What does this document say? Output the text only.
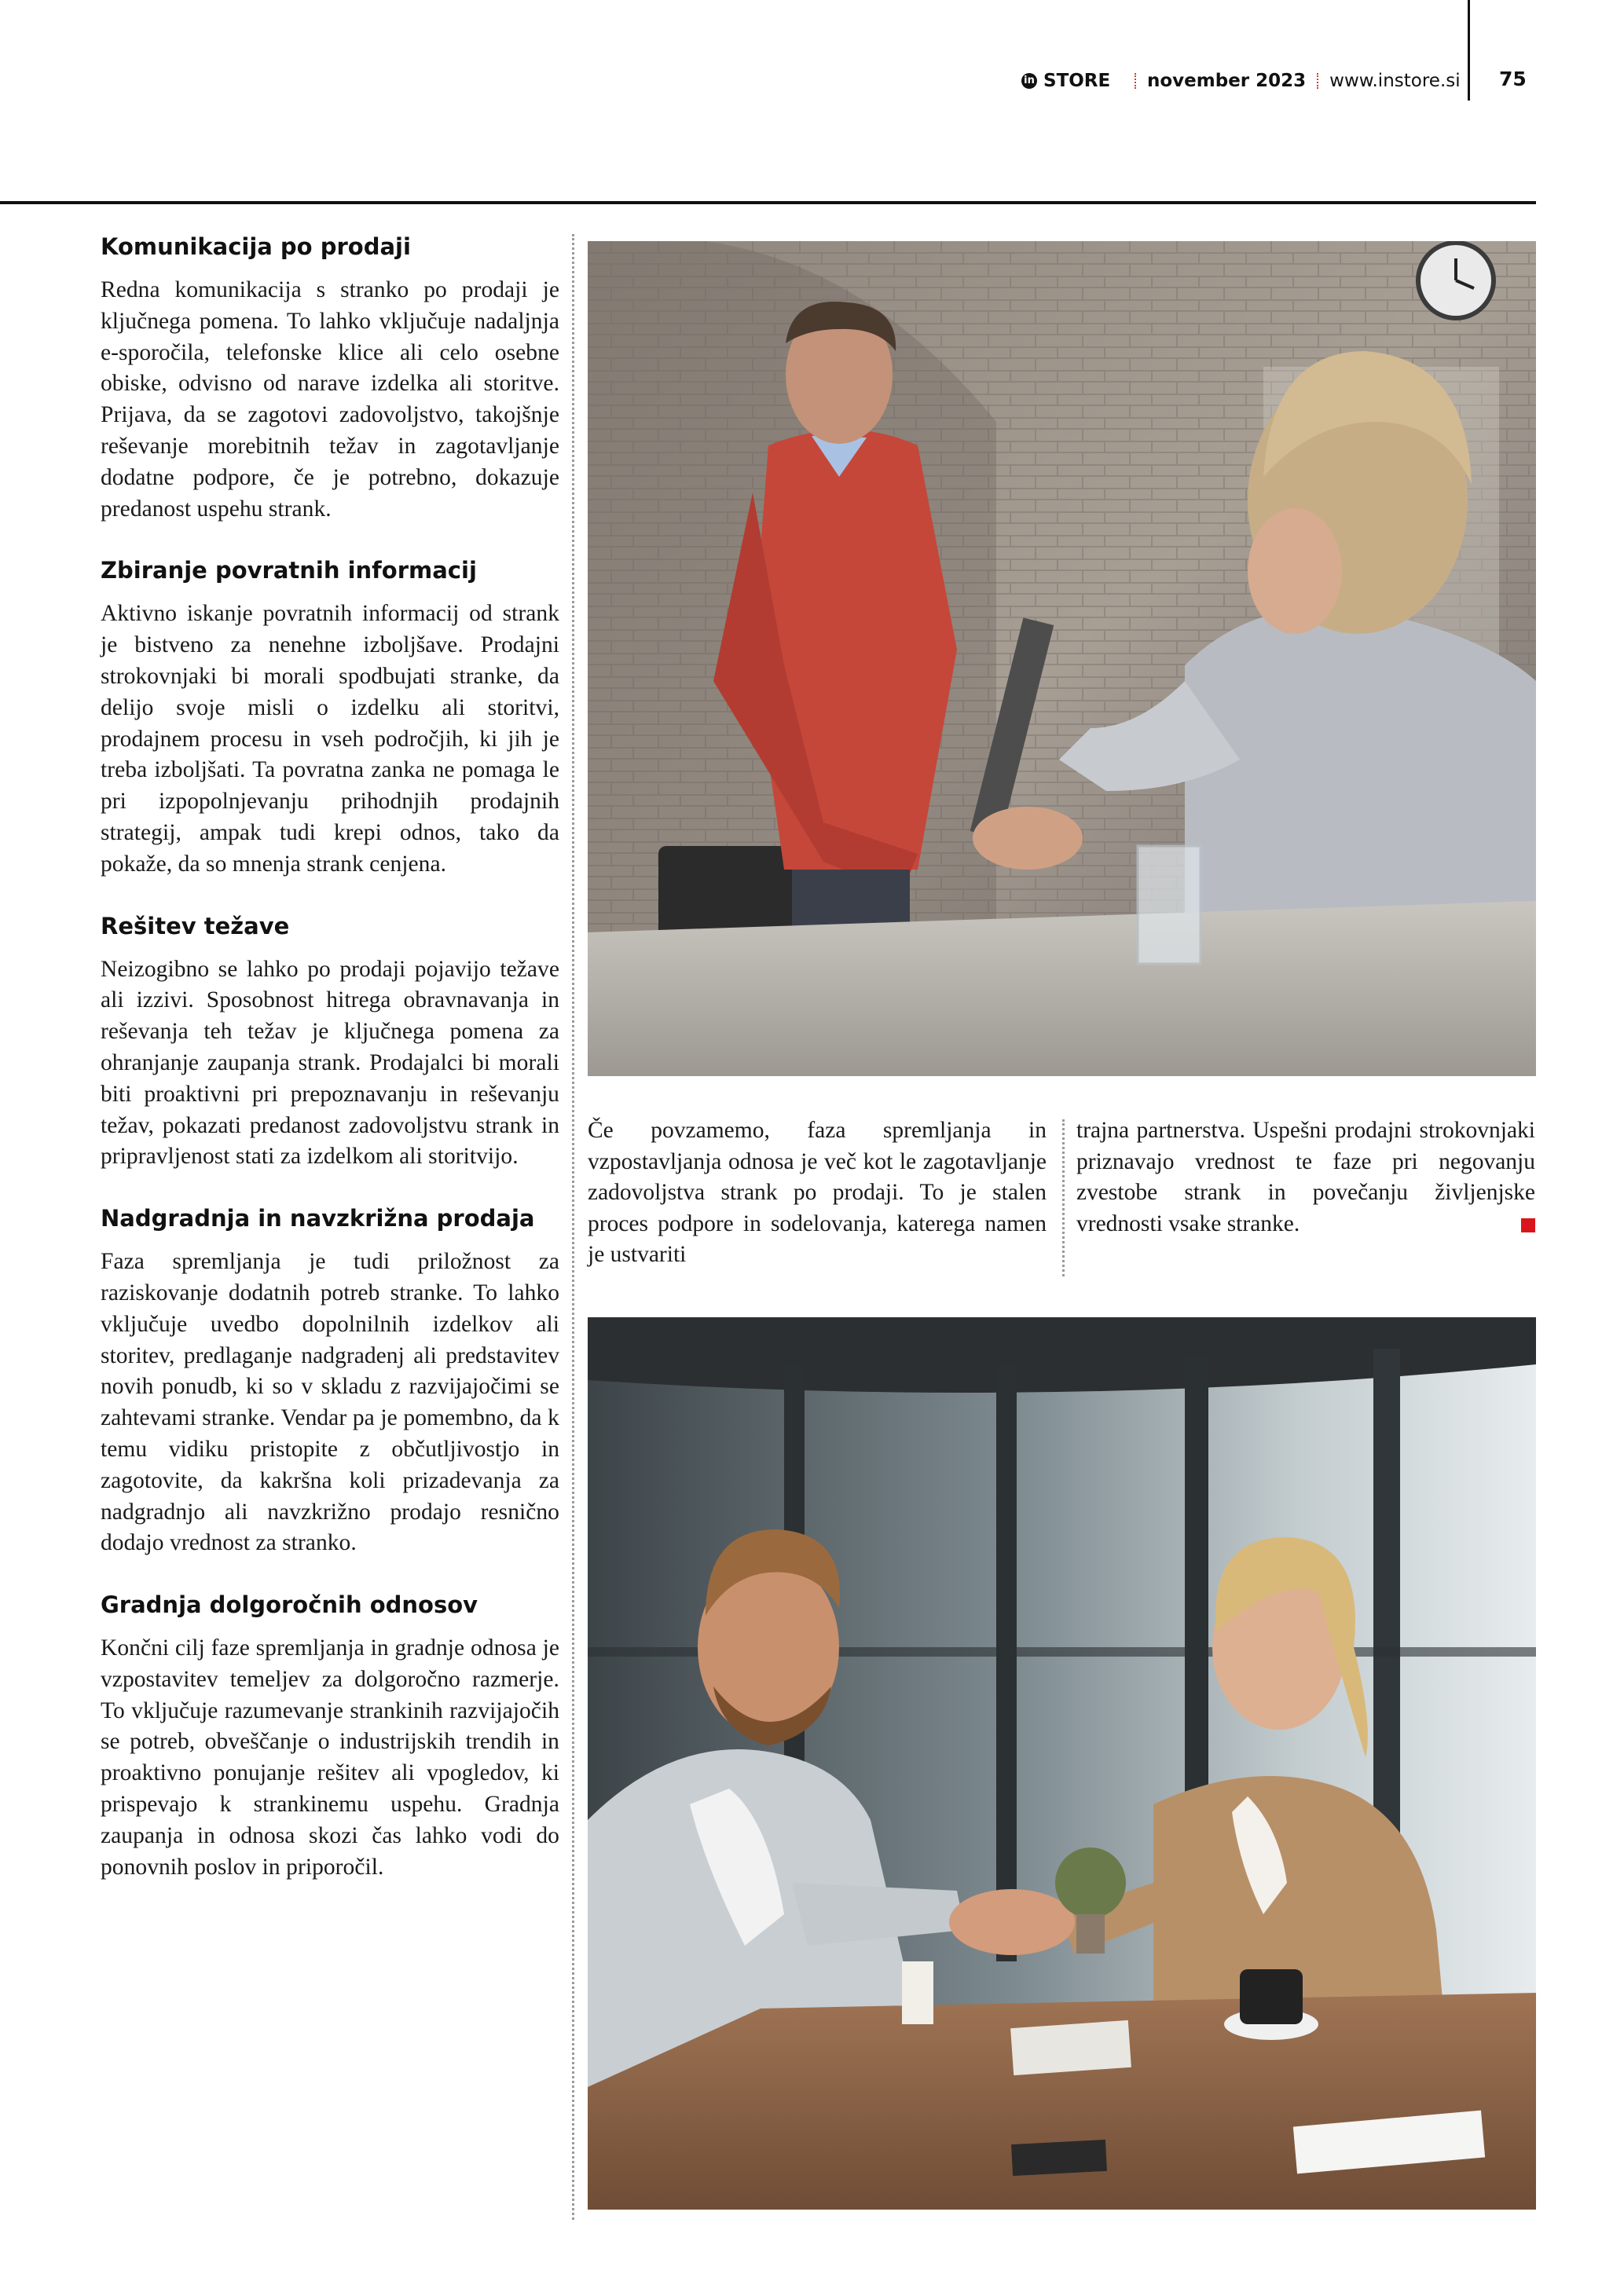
in STORE november 2023 www.instore.si 75
Komunikacija po prodaji

Redna komunikacija s stranko po prodaji je ključnega pomena. To lahko vključuje nadaljnja e-sporočila, telefonske klice ali celo osebne obiske, odvisno od narave izdelka ali storitve. Prijava, da se zagotovi zadovoljstvo, takojšnje reševanje morebitnih težav in zagotavljanje dodatne podpore, če je potrebno, dokazuje predanost uspehu strank.

Zbiranje povratnih informacij

Aktivno iskanje povratnih informacij od strank je bistveno za nenehne izboljšave. Prodajni strokovnjaki bi morali spodbujati stranke, da delijo svoje misli o izdelku ali storitvi, prodajnem procesu in vseh področjih, ki jih je treba izboljšati. Ta povratna zanka ne pomaga le pri izpopolnjevanju prihodnjih prodajnih strategij, ampak tudi krepi odnos, tako da pokaže, da so mnenja strank cenjena.

Rešitev težave

Neizogibno se lahko po prodaji pojavijo težave ali izzivi. Sposobnost hitrega obravnavanja in reševanja teh težav je ključnega pomena za ohranjanje zaupanja strank. Prodajalci bi morali biti proaktivni pri prepoznavanju in reševanju težav, pokazati predanost zadovoljstvu strank in pripravljenost stati za izdelkom ali storitvijo.

Nadgradnja in navzkrižna prodaja

Faza spremljanja je tudi priložnost za raziskovanje dodatnih potreb stranke. To lahko vključuje uvedbo dopolnilnih izdelkov ali storitev, predlaganje nadgradenj ali predstavitev novih ponudb, ki so v skladu z razvijajočimi se zahtevami stranke. Vendar pa je pomembno, da k temu vidiku pristopite z občutljivostjo in zagotovite, da kakršna koli prizadevanja za nadgradnjo ali navzkrižno prodajo resnično dodajo vrednost za stranko.

Gradnja dolgoročnih odnosov

Končni cilj faze spremljanja in gradnje odnosa je vzpostavitev temeljev za dolgoročno razmerje. To vključuje razumevanje strankinih razvijajočih se potreb, obveščanje o industrijskih trendih in proaktivno ponujanje rešitev ali vpogledov, ki prispevajo k strankinemu uspehu. Gradnja zaupanja in odnosa skozi čas lahko vodi do ponovnih poslov in priporočil.

Če povzamemo, faza spremljanja in vzpostavljanja odnosa je več kot le zagotavljanje zadovoljstva strank po prodaji. To je stalen proces podpore in sodelovanja, katerega namen je ustvariti

trajna partnerstva. Uspešni prodajni strokovnjaki priznavajo vrednost te faze pri negovanju zvestobe strank in povečanju življenjske vrednosti vsake stranke.
